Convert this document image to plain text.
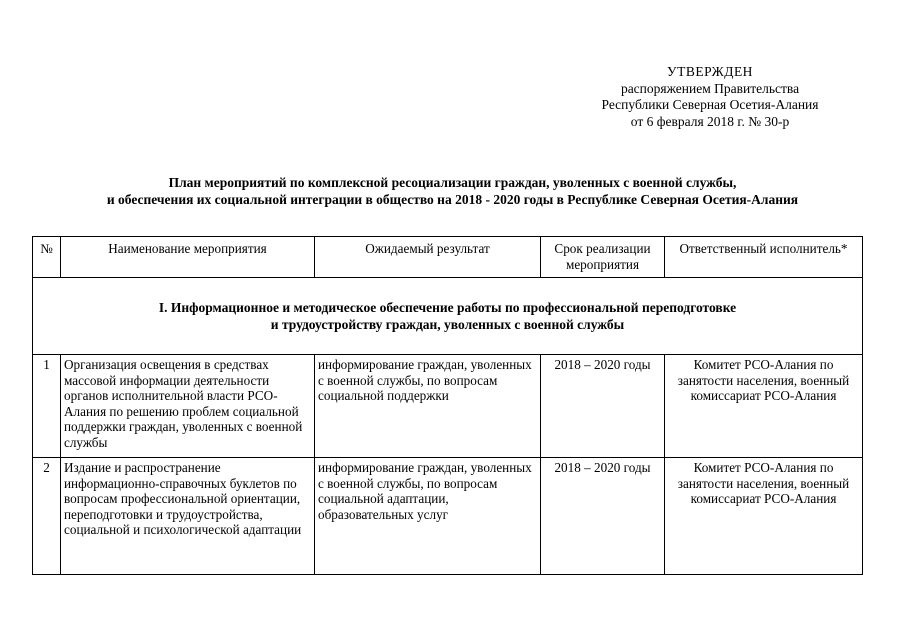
УТВЕРЖДЕН
распоряжением Правительства
Республики Северная Осетия-Алания
от 6 февраля 2018 г. № 30-р
План мероприятий по комплексной ресоциализации граждан, уволенных с военной службы,
и обеспечения их социальной интеграции в общество на 2018 - 2020 годы в Республике Северная Осетия-Алания
№	Наименование мероприятия	Ожидаемый результат	Срок реализации мероприятия	Ответственный исполнитель*

I. Информационное и методическое обеспечение работы по профессиональной переподготовке
и трудоустройству граждан, уволенных с военной службы				

1	Организация освещения в средствах массовой информации деятельности органов исполнительной власти РСО-Алания по решению проблем социальной поддержки граждан, уволенных с военной службы	информирование граждан, уволенных с военной службы, по вопросам социальной поддержки	2018 – 2020 годы	Комитет РСО-Алания по занятости населения, военный комиссариат РСО-Алания
2	Издание и распространение информационно-справочных буклетов по вопросам профессиональной ориентации, переподготовки и трудоустройства, социальной и психологической адаптации	информирование граждан, уволенных с военной службы, по вопросам социальной адаптации, образовательных услуг	2018 – 2020 годы	Комитет РСО-Алания по занятости населения, военный комиссариат РСО-Алания
